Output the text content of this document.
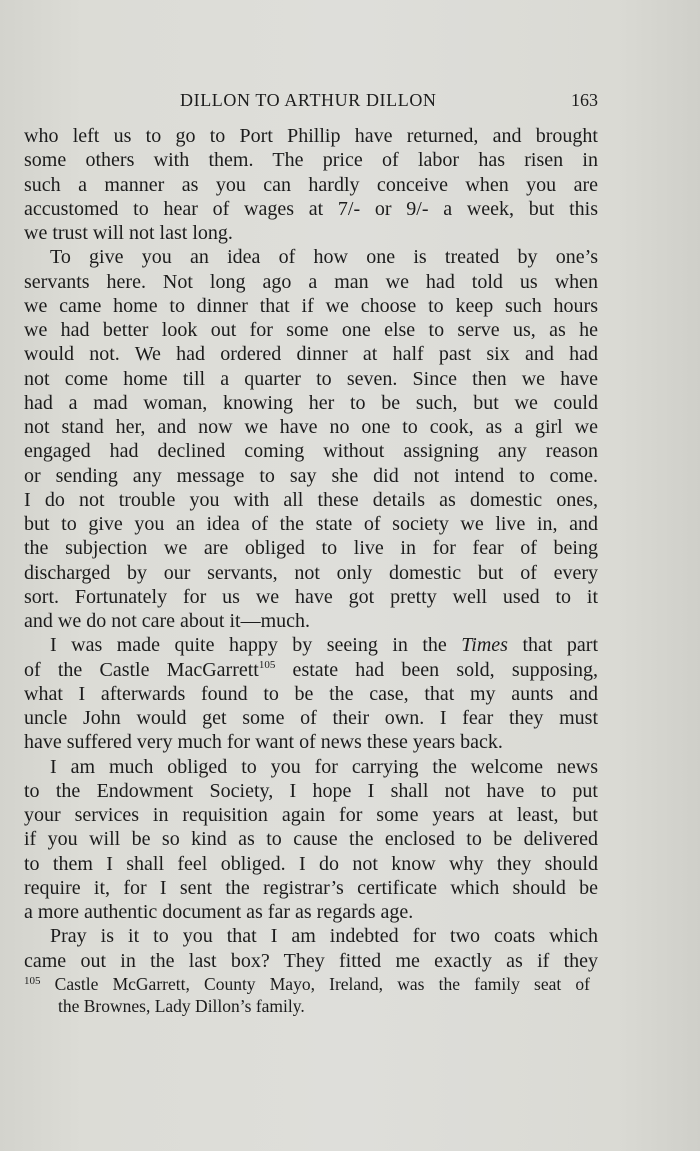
DILLON TO ARTHUR DILLON	163
who left us to go to Port Phillip have returned, and brought
some others with them. The price of labor has risen in
such a manner as you can hardly conceive when you are
accustomed to hear of wages at 7/- or 9/- a week, but this
we trust will not last long.
To give you an idea of how one is treated by one’s
servants here. Not long ago a man we had told us when
we came home to dinner that if we choose to keep such hours
we had better look out for some one else to serve us, as he
would not. We had ordered dinner at half past six and had
not come home till a quarter to seven. Since then we have
had a mad woman, knowing her to be such, but we could
not stand her, and now we have no one to cook, as a girl we
engaged had declined coming without assigning any reason
or sending any message to say she did not intend to come.
I do not trouble you with all these details as domestic ones,
but to give you an idea of the state of society we live in, and
the subjection we are obliged to live in for fear of being
discharged by our servants, not only domestic but of every
sort. Fortunately for us we have got pretty well used to it
and we do not care about it—much.
I was made quite happy by seeing in the Times that part
of the Castle MacGarrett$^{105}$ estate had been sold, supposing,
what I afterwards found to be the case, that my aunts and
uncle John would get some of their own. I fear they must
have suffered very much for want of news these years back.
I am much obliged to you for carrying the welcome news
to the Endowment Society, I hope I shall not have to put
your services in requisition again for some years at least, but
if you will be so kind as to cause the enclosed to be delivered
to them I shall feel obliged. I do not know why they should
require it, for I sent the registrar’s certificate which should be
a more authentic document as far as regards age.
Pray is it to you that I am indebted for two coats which
came out in the last box? They fitted me exactly as if they
$^{105}$ Castle McGarrett, County Mayo, Ireland, was the family seat of
the Brownes, Lady Dillon’s family.
